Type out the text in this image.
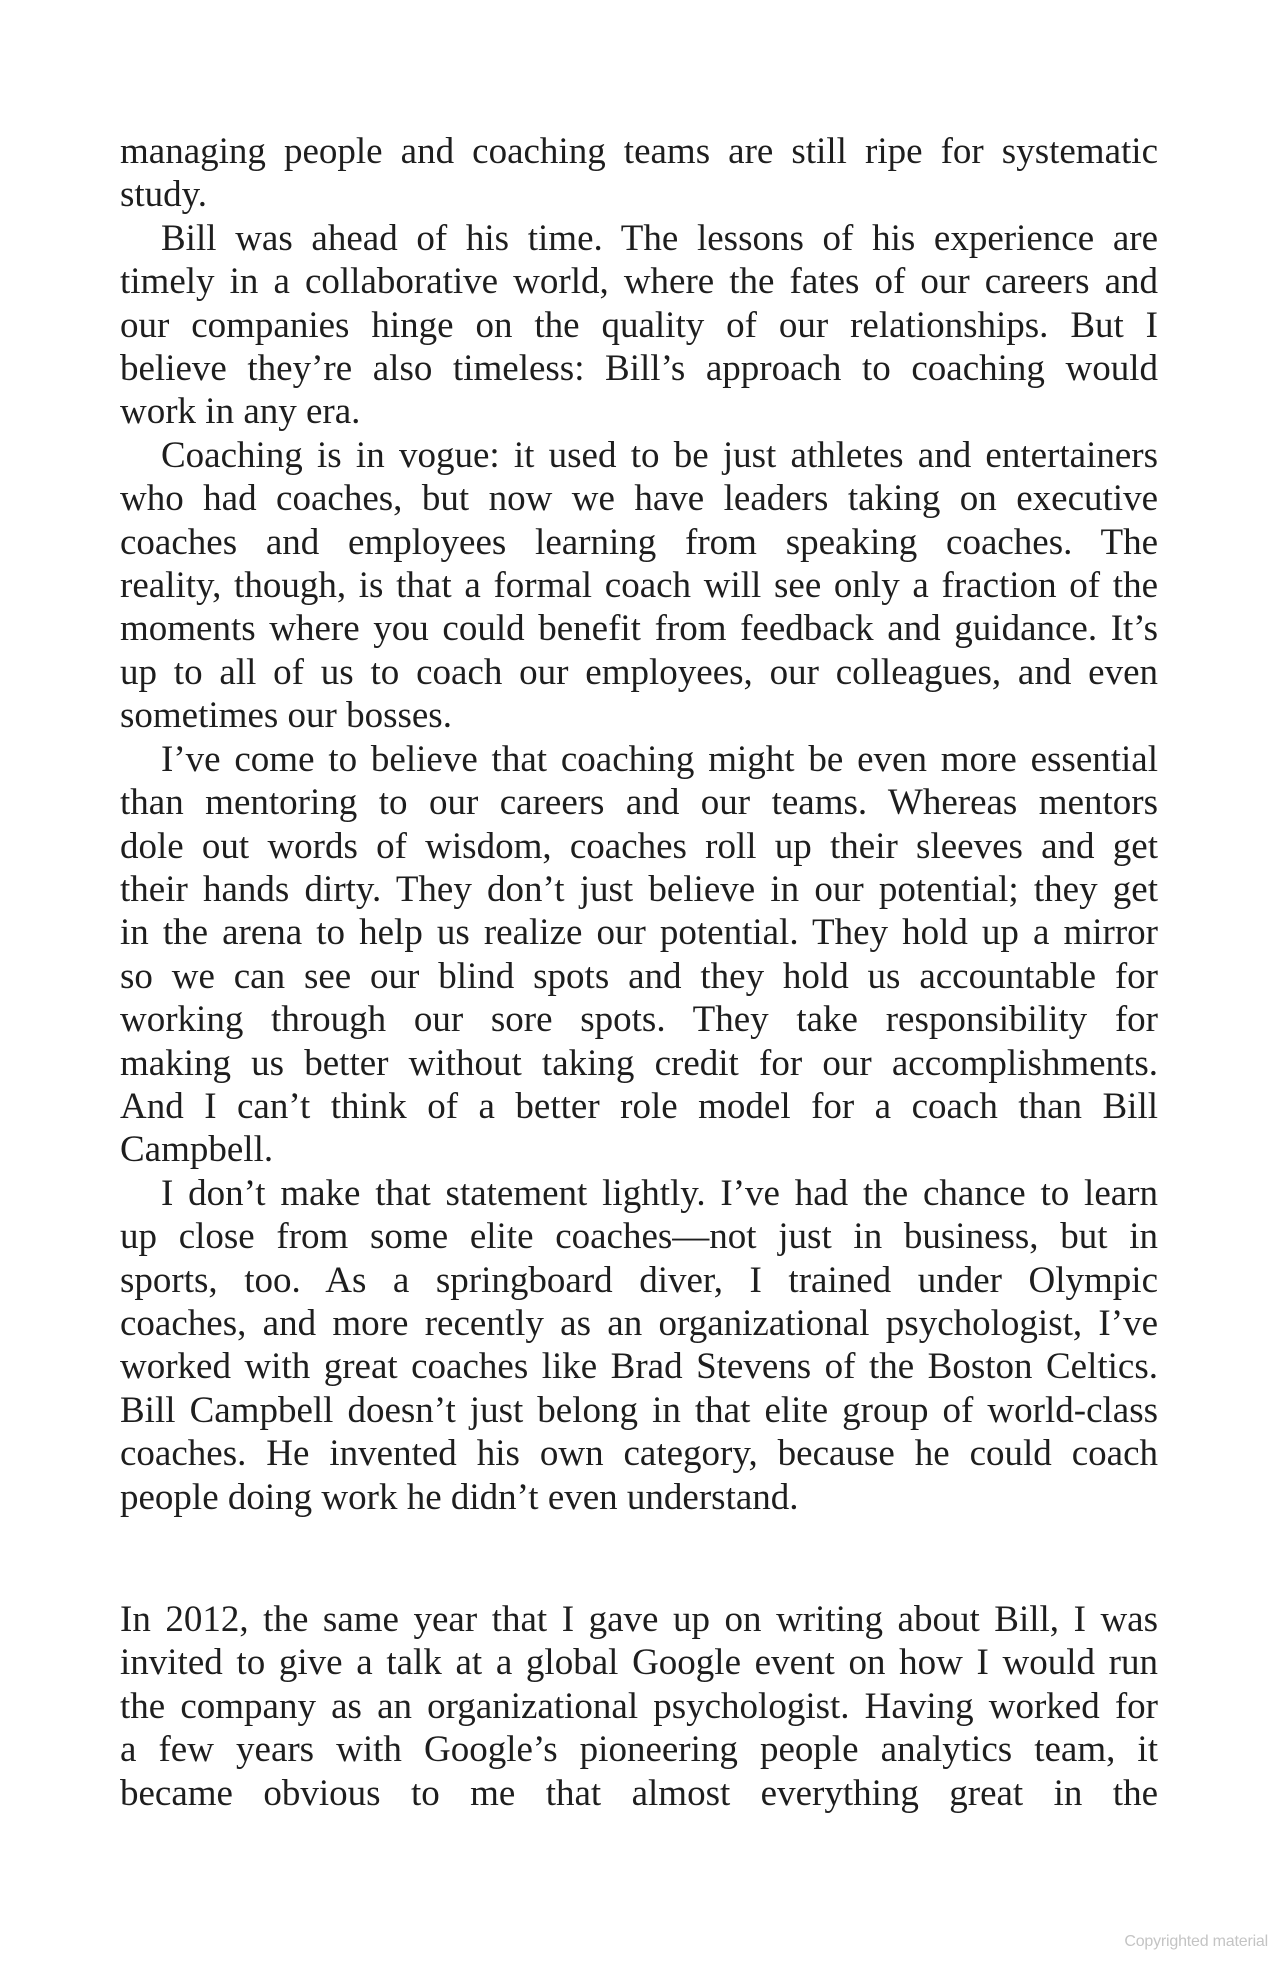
managing people and coaching teams are still ripe for systematic
study.
Bill was ahead of his time. The lessons of his experience are
timely in a collaborative world, where the fates of our careers and
our companies hinge on the quality of our relationships. But I
believe they’re also timeless: Bill’s approach to coaching would
work in any era.
Coaching is in vogue: it used to be just athletes and entertainers
who had coaches, but now we have leaders taking on executive
coaches and employees learning from speaking coaches. The
reality, though, is that a formal coach will see only a fraction of the
moments where you could benefit from feedback and guidance. It’s
up to all of us to coach our employees, our colleagues, and even
sometimes our bosses.
I’ve come to believe that coaching might be even more essential
than mentoring to our careers and our teams. Whereas mentors
dole out words of wisdom, coaches roll up their sleeves and get
their hands dirty. They don’t just believe in our potential; they get
in the arena to help us realize our potential. They hold up a mirror
so we can see our blind spots and they hold us accountable for
working through our sore spots. They take responsibility for
making us better without taking credit for our accomplishments.
And I can’t think of a better role model for a coach than Bill
Campbell.
I don’t make that statement lightly. I’ve had the chance to learn
up close from some elite coaches—not just in business, but in
sports, too. As a springboard diver, I trained under Olympic
coaches, and more recently as an organizational psychologist, I’ve
worked with great coaches like Brad Stevens of the Boston Celtics.
Bill Campbell doesn’t just belong in that elite group of world-class
coaches. He invented his own category, because he could coach
people doing work he didn’t even understand.
In 2012, the same year that I gave up on writing about Bill, I was
invited to give a talk at a global Google event on how I would run
the company as an organizational psychologist. Having worked for
a few years with Google’s pioneering people analytics team, it
became obvious to me that almost everything great in the
Copyrighted material
